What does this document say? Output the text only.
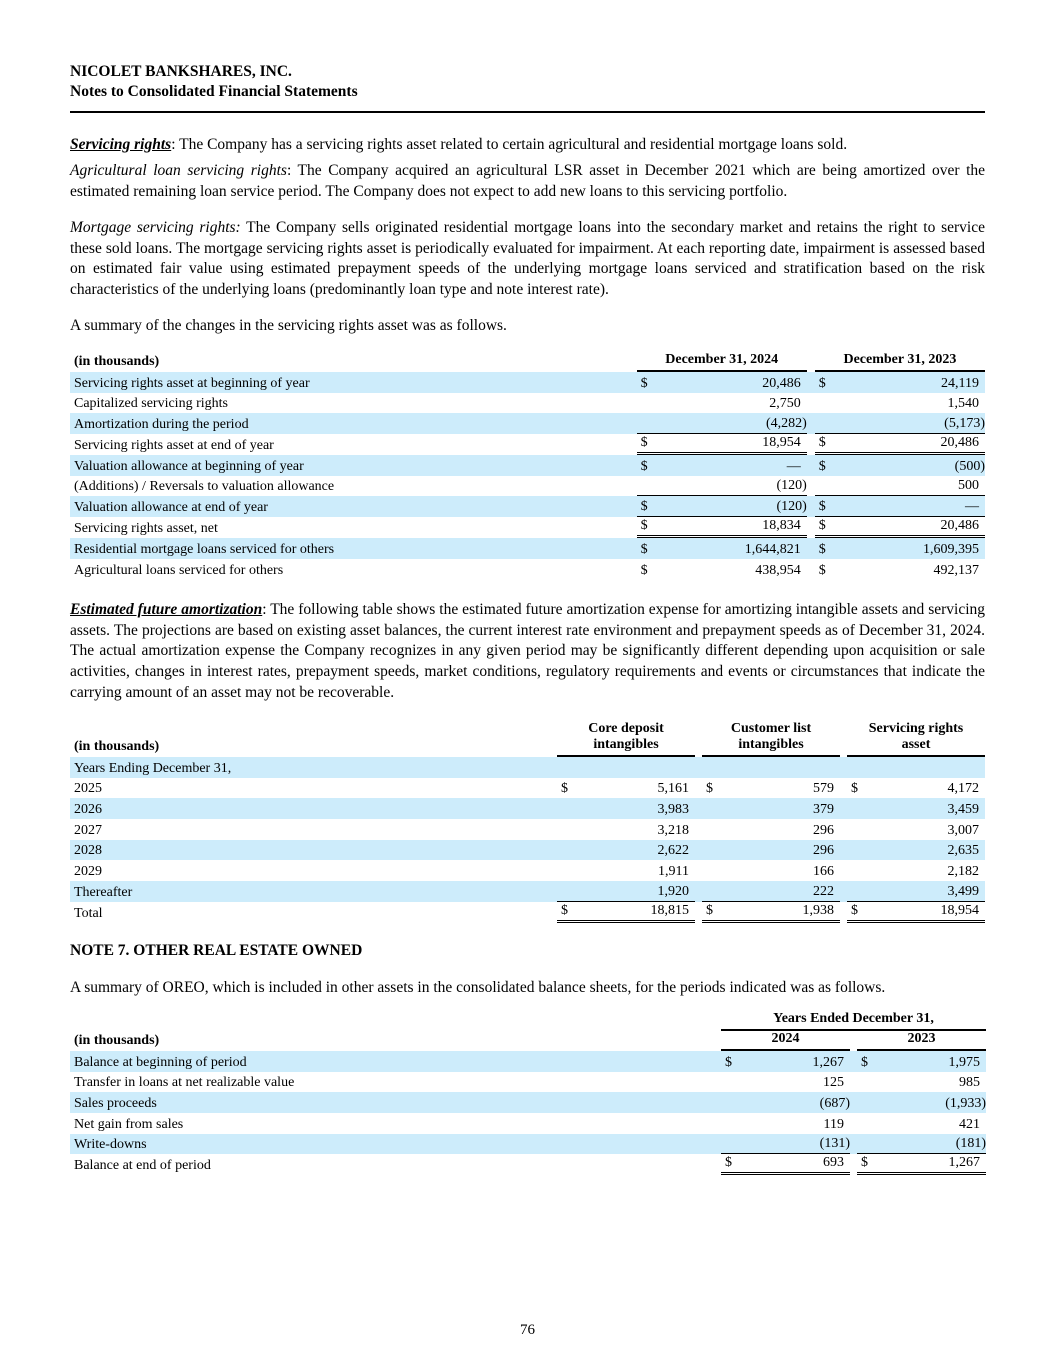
NICOLET BANKSHARES, INC.
Notes to Consolidated Financial Statements

Servicing rights: The Company has a servicing rights asset related to certain agricultural and residential mortgage loans sold.

Agricultural loan servicing rights: The Company acquired an agricultural LSR asset in December 2021 which are being amortized over the estimated remaining loan service period. The Company does not expect to add new loans to this servicing portfolio.

Mortgage servicing rights: The Company sells originated residential mortgage loans into the secondary market and retains the right to service these sold loans. The mortgage servicing rights asset is periodically evaluated for impairment. At each reporting date, impairment is assessed based on estimated fair value using estimated prepayment speeds of the underlying mortgage loans serviced and stratification based on the risk characteristics of the underlying loans (predominantly loan type and note interest rate).

A summary of the changes in the servicing rights asset was as follows.

(in thousands)	December 31, 2024			December 31, 2023	
Servicing rights asset at beginning of year	$	20,486		$	24,119
Capitalized servicing rights		2,750			1,540
Amortization during the period		(4,282)			(5,173)
Servicing rights asset at end of year	$	18,954		$	20,486
Valuation allowance at beginning of year	$	—		$	(500)
(Additions) / Reversals to valuation allowance		(120)			500
Valuation allowance at end of year	$	(120)		$	—
Servicing rights asset, net	$	18,834		$	20,486
Residential mortgage loans serviced for others	$	1,644,821		$	1,609,395
Agricultural loans serviced for others	$	438,954		$	492,137

Estimated future amortization: The following table shows the estimated future amortization expense for amortizing intangible assets and servicing assets. The projections are based on existing asset balances, the current interest rate environment and prepayment speeds as of December 31, 2024. The actual amortization expense the Company recognizes in any given period may be significantly different depending upon acquisition or sale activities, changes in interest rates, prepayment speeds, market conditions, regulatory requirements and events or circumstances that indicate the carrying amount of an asset may not be recoverable.

(in thousands)	Core deposit intangibles			Customer list intangibles			Servicing rights asset	
Years Ending December 31,								
2025	$	5,161		$	579		$	4,172
2026		3,983			379			3,459
2027		3,218			296			3,007
2028		2,622			296			2,635
2029		1,911			166			2,182
Thereafter		1,920			222			3,499
Total	$	18,815		$	1,938		$	18,954
NOTE 7. OTHER REAL ESTATE OWNED

A summary of OREO, which is included in other assets in the consolidated balance sheets, for the periods indicated was as follows.

	Years Ended December 31,				
(in thousands)	2024			2023	
Balance at beginning of period	$	1,267		$	1,975
Transfer in loans at net realizable value		125			985
Sales proceeds		(687)			(1,933)
Net gain from sales		119			421
Write-downs		(131)			(181)
Balance at end of period	$	693		$	1,267
76
